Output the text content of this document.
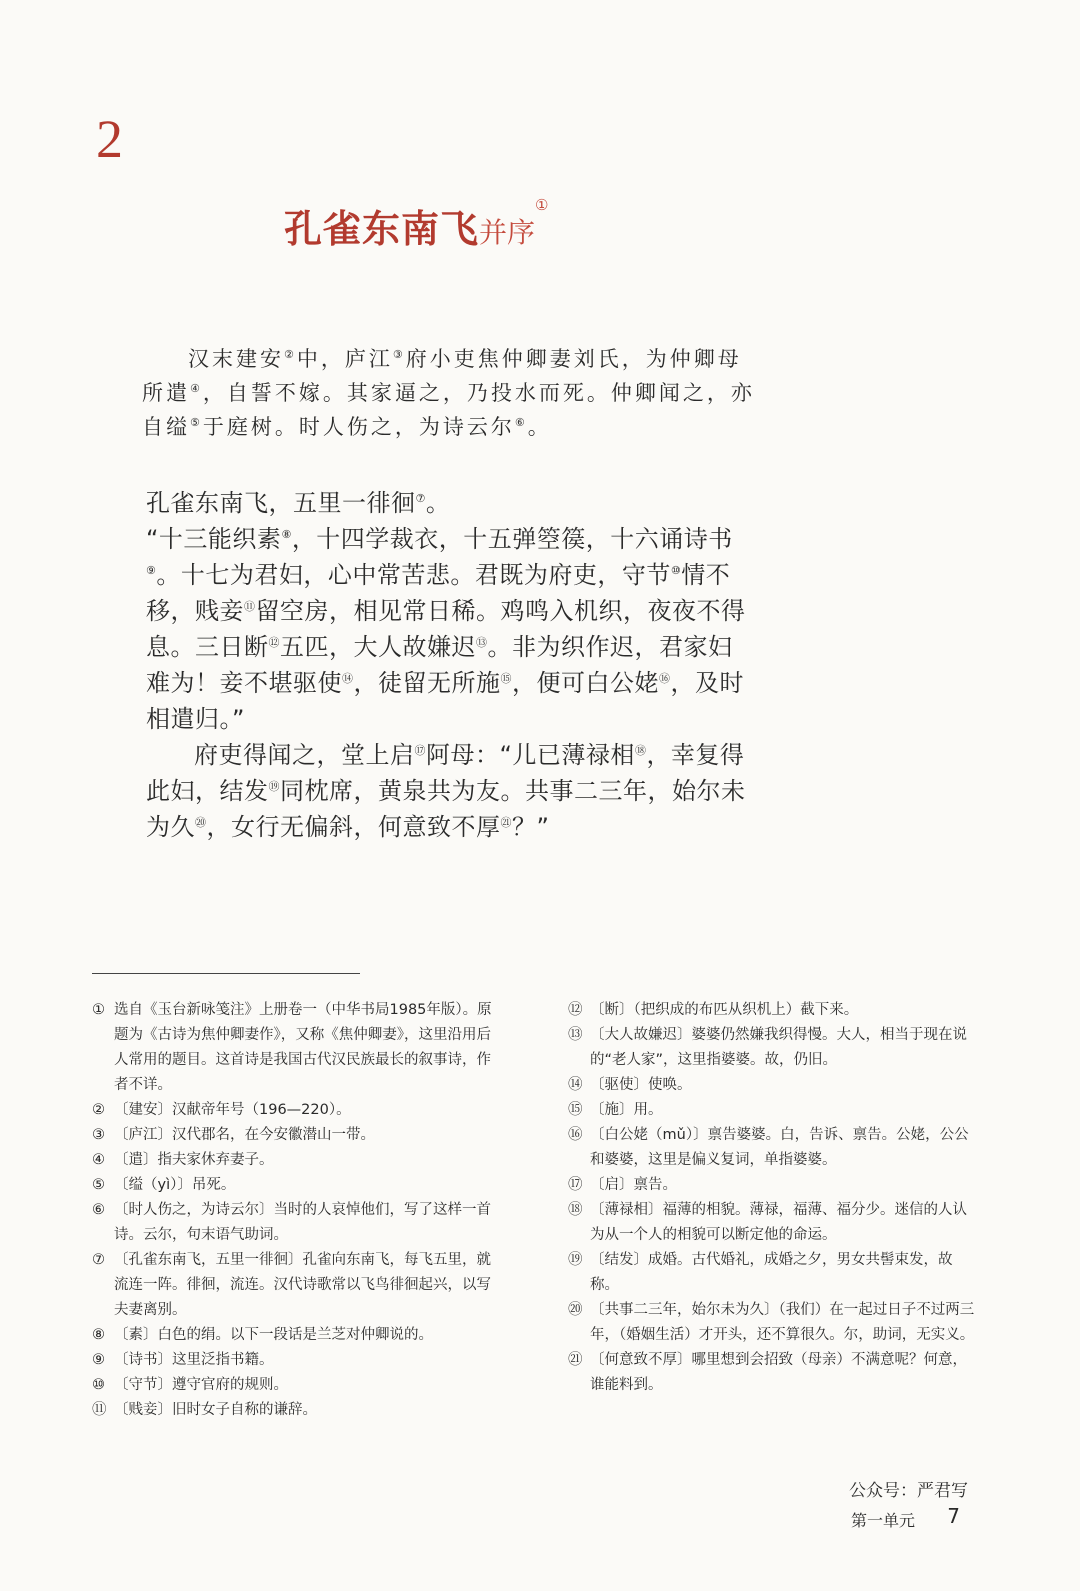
2
孔雀东南飞并序①
汉末建安②中，庐江③府小吏焦仲卿妻刘氏，为仲卿母所遣④，自誓不嫁。其家逼之，乃投水而死。仲卿闻之，亦自缢⑤于庭树。时人伤之，为诗云尔⑥。

孔雀东南飞，五里一徘徊⑦。

“十三能织素⑧，十四学裁衣，十五弹箜篌，十六诵诗书⑨。十七为君妇，心中常苦悲。君既为府吏，守节⑩情不移，贱妾⑪留空房，相见常日稀。鸡鸣入机织，夜夜不得息。三日断⑫五匹，大人故嫌迟⑬。非为织作迟，君家妇难为！妾不堪驱使⑭，徒留无所施⑮，便可白公姥⑯，及时相遣归。”

府吏得闻之，堂上启⑰阿母：“儿已薄禄相⑱，幸复得此妇，结发⑲同枕席，黄泉共为友。共事二三年，始尔未为久⑳，女行无偏斜，何意致不厚$^㉑$？”

① 选自《玉台新咏笺注》上册卷一（中华书局1985年版）。原题为《古诗为焦仲卿妻作》，又称《焦仲卿妻》，这里沿用后人常用的题目。这首诗是我国古代汉民族最长的叙事诗，作者不详。
② 〔建安〕汉献帝年号（196—220）。
③ 〔庐江〕汉代郡名，在今安徽潜山一带。
④ 〔遣〕指夫家休弃妻子。
⑤ 〔缢（yì）〕吊死。
⑥ 〔时人伤之，为诗云尔〕当时的人哀悼他们，写了这样一首诗。云尔，句末语气助词。
⑦ 〔孔雀东南飞，五里一徘徊〕孔雀向东南飞，每飞五里，就流连一阵。徘徊，流连。汉代诗歌常以飞鸟徘徊起兴，以写夫妻离别。
⑧ 〔素〕白色的绢。以下一段话是兰芝对仲卿说的。
⑨ 〔诗书〕这里泛指书籍。
⑩ 〔守节〕遵守官府的规则。
⑪ 〔贱妾〕旧时女子自称的谦辞。
⑫ 〔断〕（把织成的布匹从织机上）截下来。
⑬ 〔大人故嫌迟〕婆婆仍然嫌我织得慢。大人，相当于现在说的“老人家”，这里指婆婆。故，仍旧。
⑭ 〔驱使〕使唤。
⑮ 〔施〕用。
⑯ 〔白公姥（mǔ）〕禀告婆婆。白，告诉、禀告。公姥，公公和婆婆，这里是偏义复词，单指婆婆。
⑰ 〔启〕禀告。
⑱ 〔薄禄相〕福薄的相貌。薄禄，福薄、福分少。迷信的人认为从一个人的相貌可以断定他的命运。
⑲ 〔结发〕成婚。古代婚礼，成婚之夕，男女共髻束发，故称。
⑳ 〔共事二三年，始尔未为久〕（我们）在一起过日子不过两三年，（婚姻生活）才开头，还不算很久。尔，助词，无实义。
㉑ 〔何意致不厚〕哪里想到会招致（母亲）不满意呢？何意，谁能料到。
公众号：严君写
第一单元 7
